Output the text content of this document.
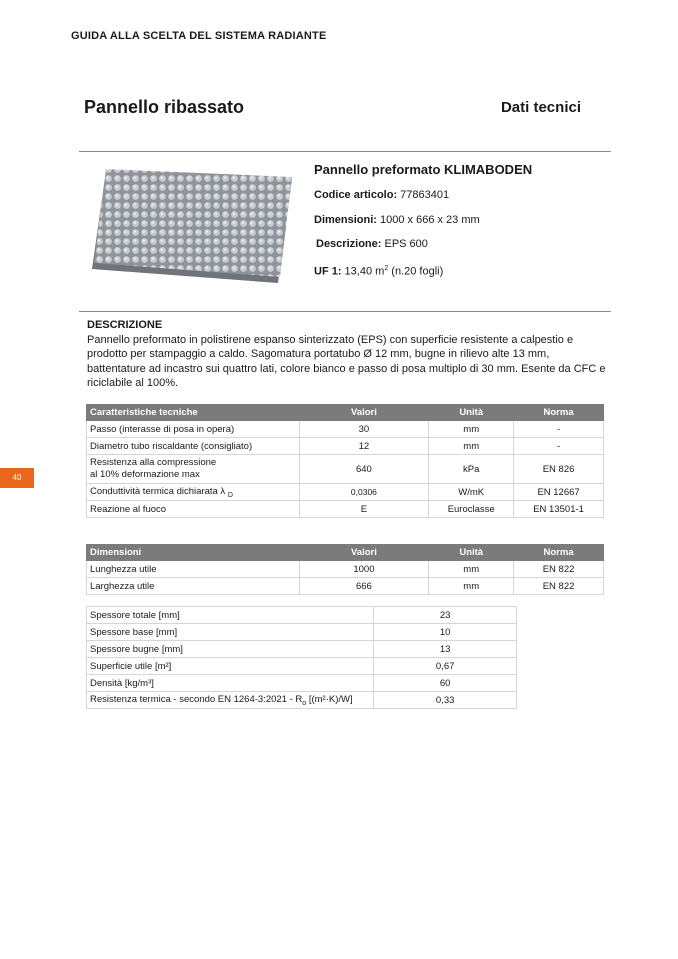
GUIDA ALLA SCELTA DEL SISTEMA RADIANTE
Pannello ribassato	Dati tecnici
Pannello preformato KLIMABODEN
Codice articolo: 77863401
Dimensioni: 1000 x 666 x 23 mm
Descrizione: EPS 600
UF 1: 13,40 $m^2$ (n.20 fogli)
DESCRIZIONE
Pannello preformato in polistirene espanso sinterizzato (EPS) con superficie resistente a calpestio e prodotto per stampaggio a caldo. Sagomatura portatubo Ø 12 mm, bugne in rilievo alte 13 mm, battentature ad incastro sui quattro lati, colore bianco e passo di posa multiplo di 30 mm. Esente da CFC e riciclabile al 100%.
40
Caratteristiche tecniche	Valori	Unità	Norma
Passo (interasse di posa in opera)	30	mm	-
Diametro tubo riscaldante (consigliato)	12	mm	-
Resistenza alla compressione
al 10% deformazione max	640	kPa	EN 826
Conduttività termica dichiarata λ $_D$	0,0306	W/mK	EN 12667
Reazione al fuoco	E	Euroclasse	EN 13501-1
Dimensioni	Valori	Unità	Norma
Lunghezza utile	1000	mm	EN 822
Larghezza utile	666	mm	EN 822
Spessore totale [mm]	23
Spessore base [mm]	10
Spessore bugne [mm]	13
Superficie utile [m²]	0,67
Densità [kg/m³]	60
Resistenza termica - secondo EN 1264-3:2021 - $R_o$ [(m²·K)/W]	0,33
